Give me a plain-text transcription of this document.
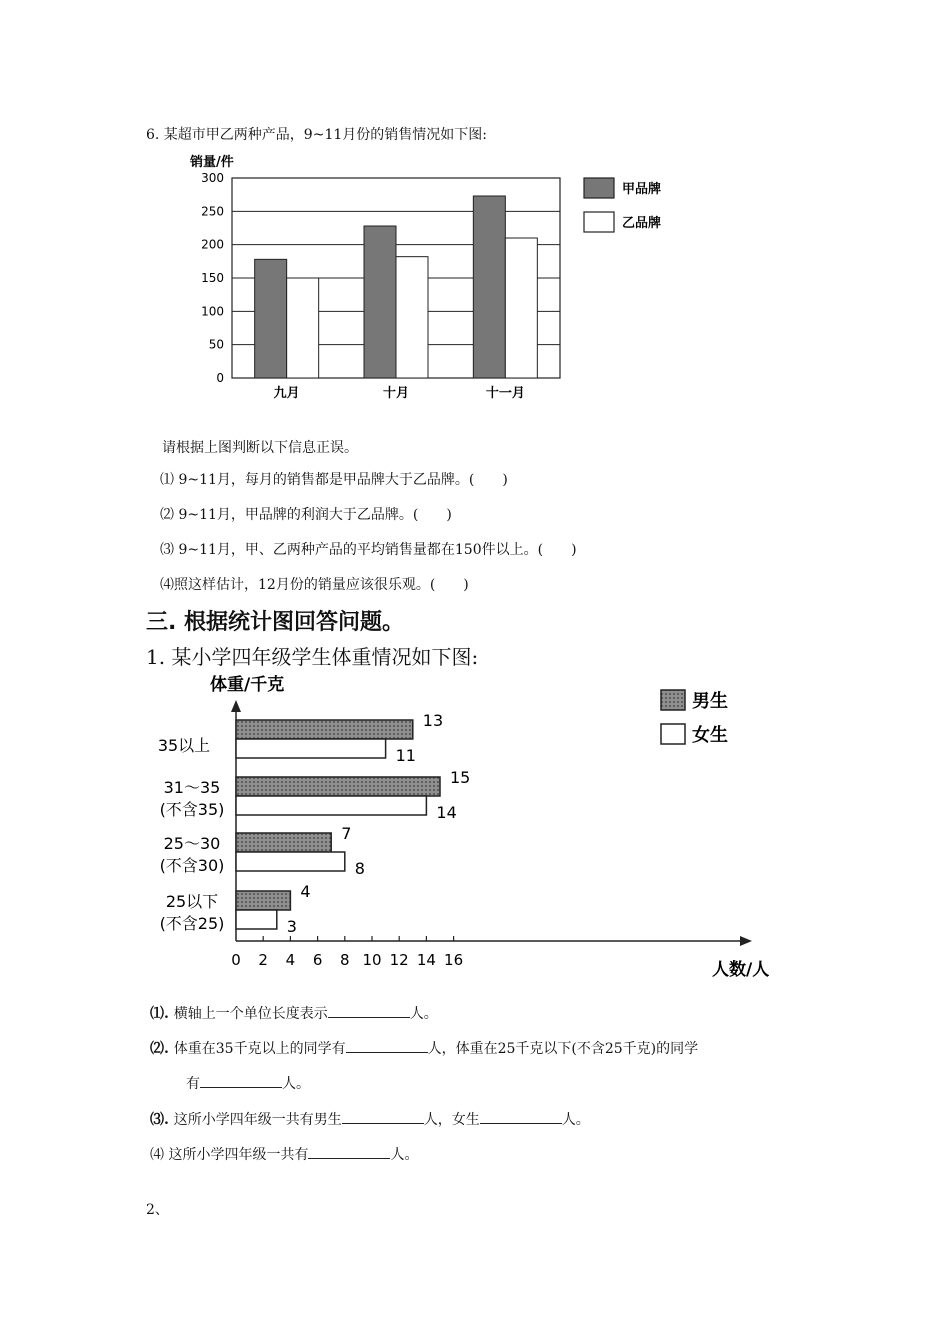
6. 某超市甲乙两种产品，9~11月份的销售情况如下图:
销量/件
0
50
100
150
200
250
300
九月	十月	十一月
甲品牌
乙品牌
请根据上图判断以下信息正误。
⑴ 9~11月，每月的销售都是甲品牌大于乙品牌。(　　)
⑵ 9~11月，甲品牌的利润大于乙品牌。(　　)
⑶ 9~11月，甲、乙两种产品的平均销售量都在150件以上。(　　)
⑷照这样估计，12月份的销量应该很乐观。(　　)
三. 根据统计图回答问题。
1. 某小学四年级学生体重情况如下图:
体重/千克
0 2 4 6 8 10 12 14 16	人数/人
13
11
35以上
15
14
31～35
(不含35)
7
8
25～30
(不含30)
4
3
25以下
(不含25)
男生
女生
⑴. 横轴上一个单位长度表示	人。
⑵. 体重在35千克以上的同学有	人，体重在25千克以下(不含25千克)的同学
有	人。
⑶. 这所小学四年级一共有男生	人，女生	人。
⑷ 这所小学四年级一共有	人。
2、
